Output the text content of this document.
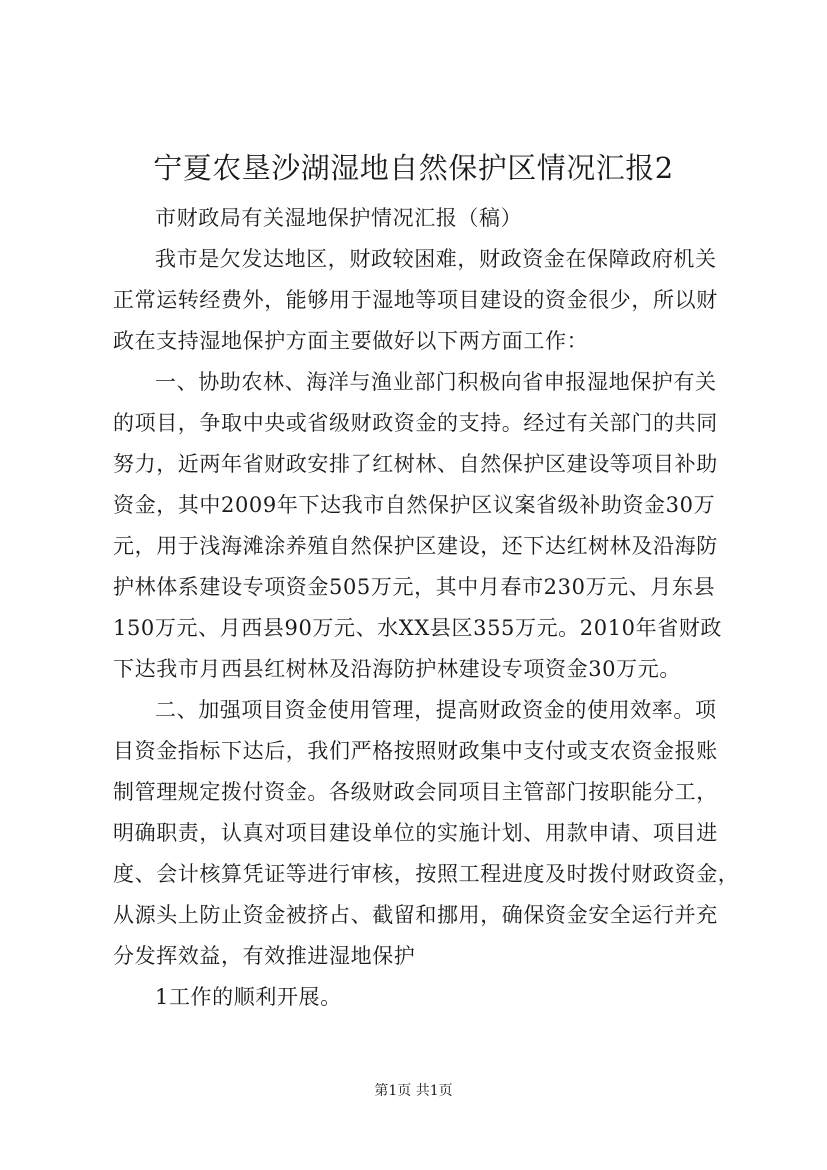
宁夏农垦沙湖湿地自然保护区情况汇报2

市财政局有关湿地保护情况汇报（稿）

我市是欠发达地区，财政较困难，财政资金在保障政府机关
正常运转经费外，能够用于湿地等项目建设的资金很少，所以财
政在支持湿地保护方面主要做好以下两方面工作：

一、协助农林、海洋与渔业部门积极向省申报湿地保护有关
的项目，争取中央或省级财政资金的支持。经过有关部门的共同
努力，近两年省财政安排了红树林、自然保护区建设等项目补助
资金，其中2009年下达我市自然保护区议案省级补助资金30万
元，用于浅海滩涂养殖自然保护区建设，还下达红树林及沿海防
护林体系建设专项资金505万元，其中月春市230万元、月东县
150万元、月西县90万元、水XX县区355万元。2010年省财政
下达我市月西县红树林及沿海防护林建设专项资金30万元。

二、加强项目资金使用管理，提高财政资金的使用效率。项
目资金指标下达后，我们严格按照财政集中支付或支农资金报账
制管理规定拨付资金。各级财政会同项目主管部门按职能分工，
明确职责，认真对项目建设单位的实施计划、用款申请、项目进
度、会计核算凭证等进行审核，按照工程进度及时拨付财政资金，
从源头上防止资金被挤占、截留和挪用，确保资金安全运行并充
分发挥效益，有效推进湿地保护

1工作的顺利开展。

第1页 共1页
